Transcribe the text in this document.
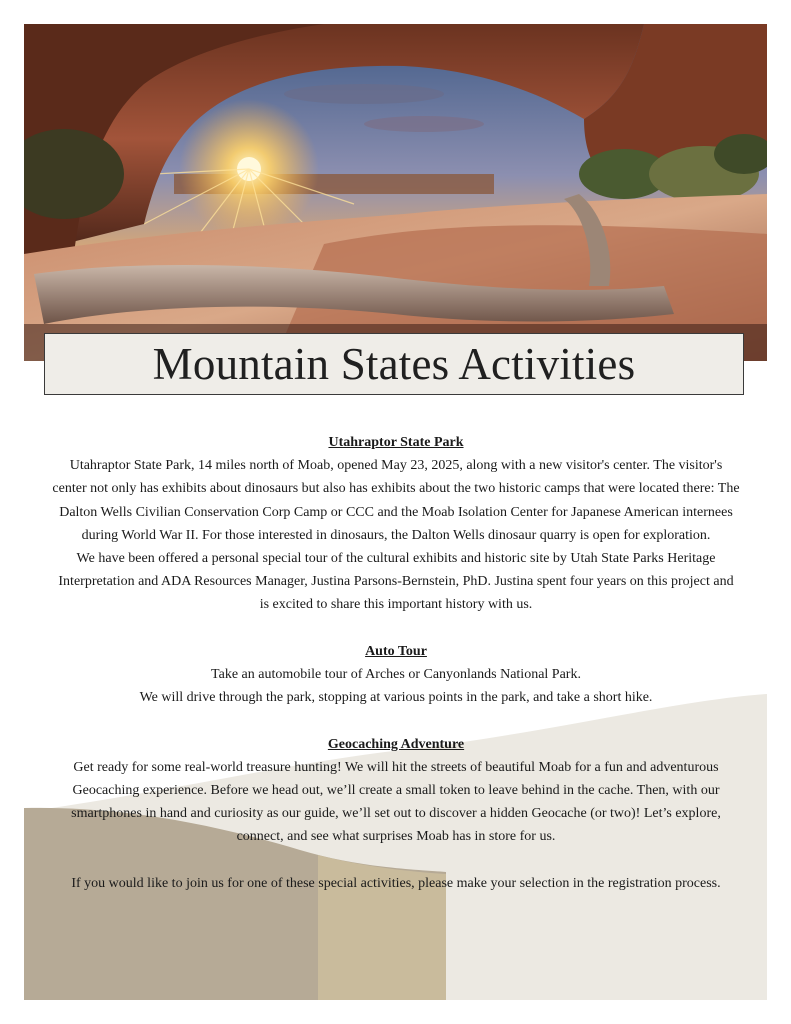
Mountain States Activities
Utahraptor State Park

Utahraptor State Park, 14 miles north of Moab, opened May 23, 2025, along with a new visitor's center. The visitor's center not only has exhibits about dinosaurs but also has exhibits about the two historic camps that were located there: The Dalton Wells Civilian Conservation Corp Camp or CCC and the Moab Isolation Center for Japanese American internees during World War II. For those interested in dinosaurs, the Dalton Wells dinosaur quarry is open for exploration.

We have been offered a personal special tour of the cultural exhibits and historic site by Utah State Parks Heritage Interpretation and ADA Resources Manager, Justina Parsons-Bernstein, PhD. Justina spent four years on this project and is excited to share this important history with us.

Auto Tour

Take an automobile tour of Arches or Canyonlands National Park.

We will drive through the park, stopping at various points in the park, and take a short hike.

Geocaching Adventure

Get ready for some real-world treasure hunting! We will hit the streets of beautiful Moab for a fun and adventurous Geocaching experience. Before we head out, we’ll create a small token to leave behind in the cache. Then, with our smartphones in hand and curiosity as our guide, we’ll set out to discover a hidden Geocache (or two)! Let’s explore, connect, and see what surprises Moab has in store for us.

If you would like to join us for one of these special activities, please make your selection in the registration process.
